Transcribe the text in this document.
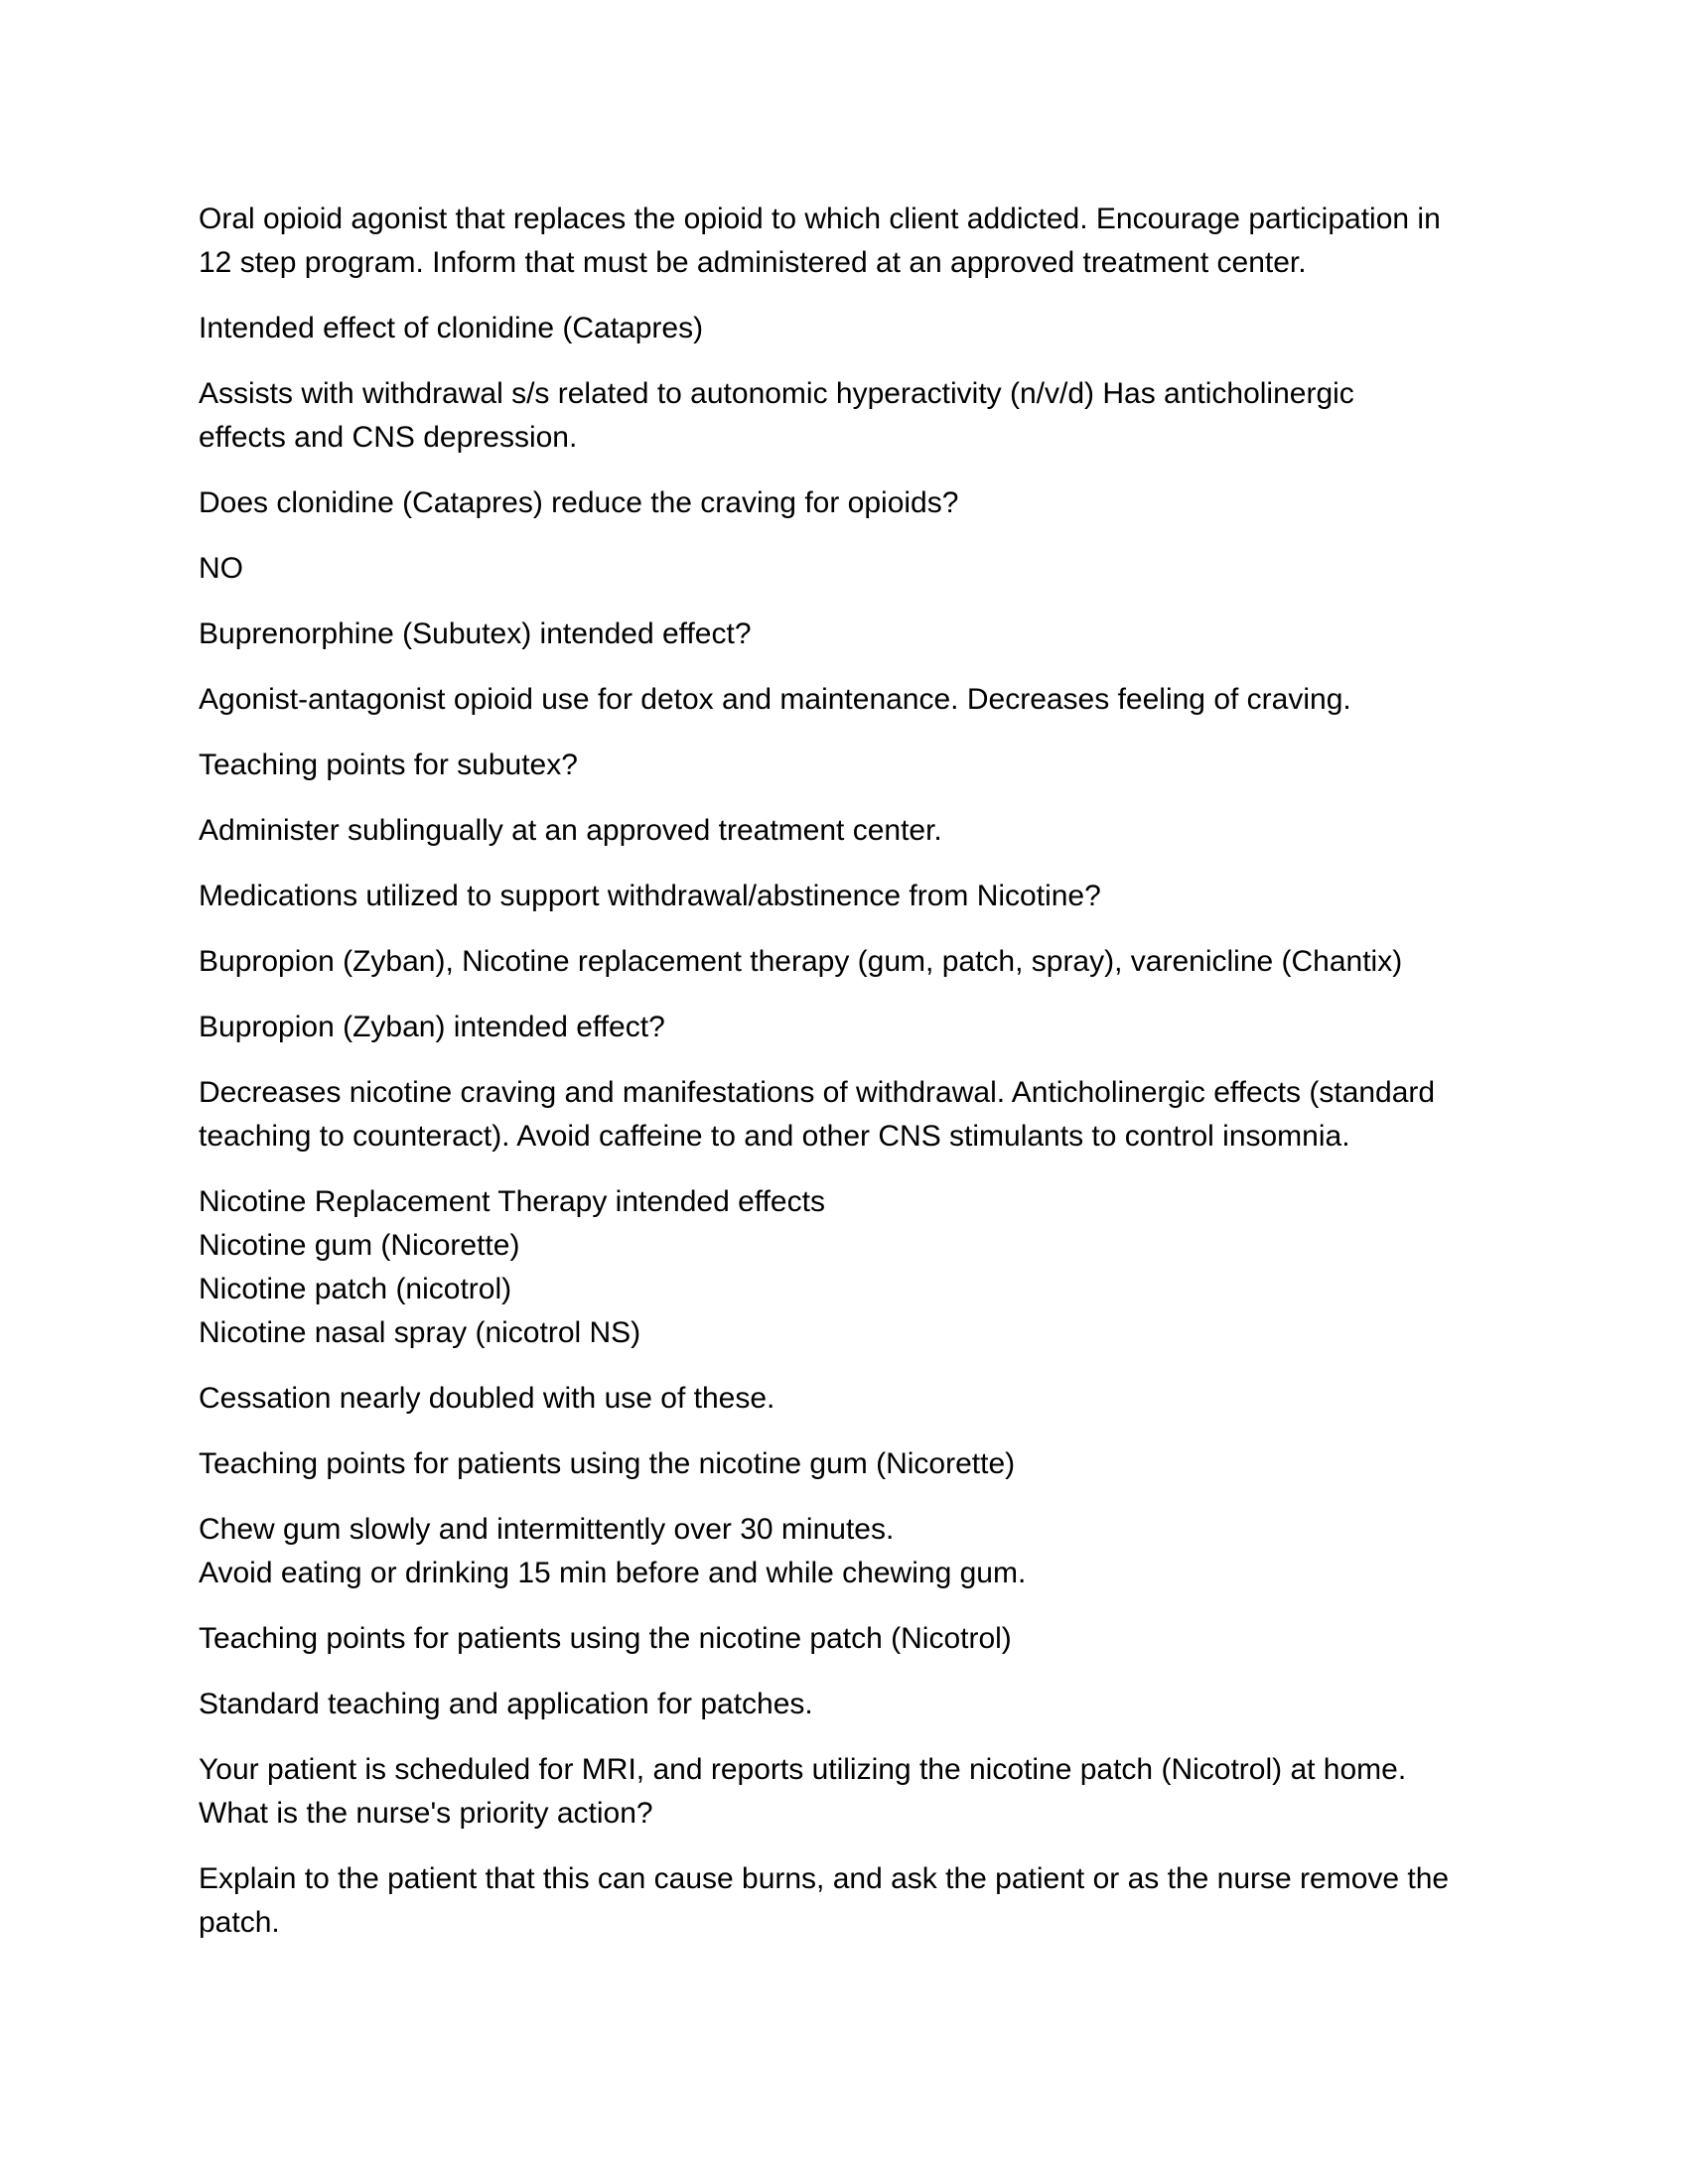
Oral opioid agonist that replaces the opioid to which client addicted. Encourage participation in
12 step program. Inform that must be administered at an approved treatment center.

Intended effect of clonidine (Catapres)

Assists with withdrawal s/s related to autonomic hyperactivity (n/v/d) Has anticholinergic
effects and CNS depression.

Does clonidine (Catapres) reduce the craving for opioids?

NO

Buprenorphine (Subutex) intended effect?

Agonist-antagonist opioid use for detox and maintenance. Decreases feeling of craving.

Teaching points for subutex?

Administer sublingually at an approved treatment center.

Medications utilized to support withdrawal/abstinence from Nicotine?

Bupropion (Zyban), Nicotine replacement therapy (gum, patch, spray), varenicline (Chantix)

Bupropion (Zyban) intended effect?

Decreases nicotine craving and manifestations of withdrawal. Anticholinergic effects (standard
teaching to counteract). Avoid caffeine to and other CNS stimulants to control insomnia.

Nicotine Replacement Therapy intended effects
Nicotine gum (Nicorette)
Nicotine patch (nicotrol)
Nicotine nasal spray (nicotrol NS)

Cessation nearly doubled with use of these.

Teaching points for patients using the nicotine gum (Nicorette)

Chew gum slowly and intermittently over 30 minutes.
Avoid eating or drinking 15 min before and while chewing gum.

Teaching points for patients using the nicotine patch (Nicotrol)

Standard teaching and application for patches.

Your patient is scheduled for MRI, and reports utilizing the nicotine patch (Nicotrol) at home.
What is the nurse's priority action?

Explain to the patient that this can cause burns, and ask the patient or as the nurse remove the
patch.
